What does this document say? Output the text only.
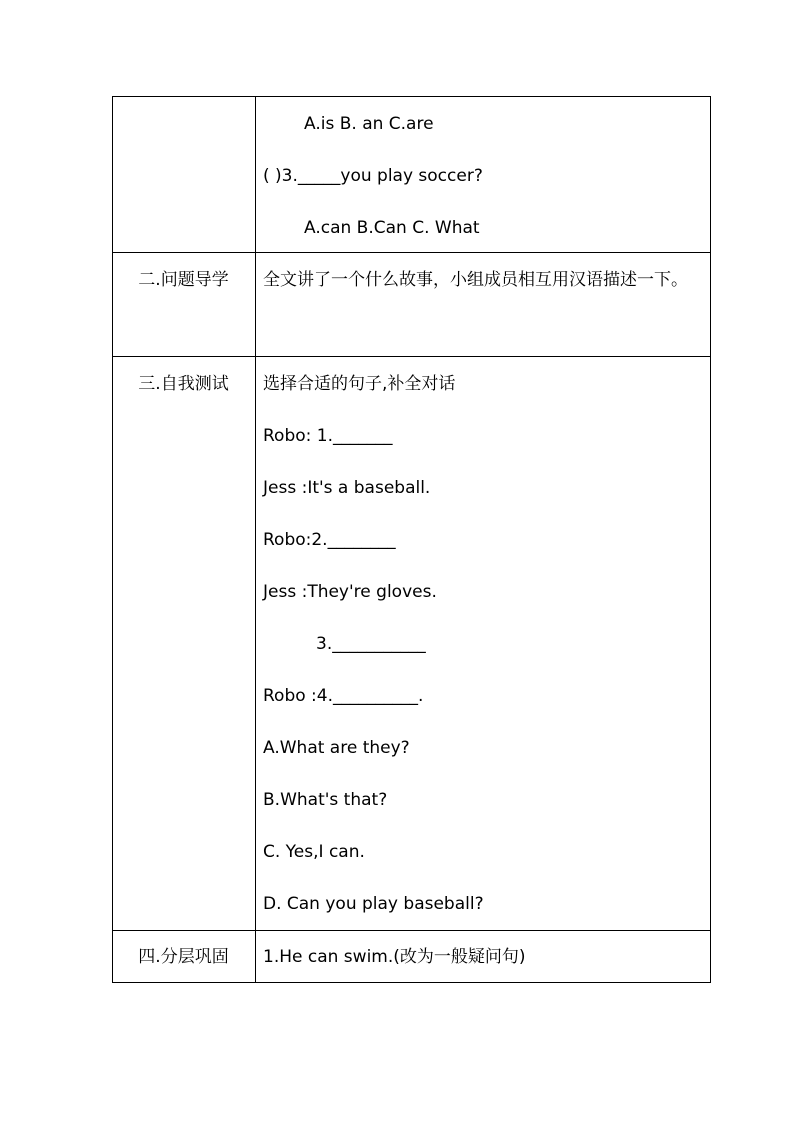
A.is B. an C.are
( )3._____you play soccer?
A.can B.Can C. What
二.问题导学	全文讲了一个什么故事，小组成员相互用汉语描述一下。
三.自我测试	选择合适的句子,补全对话
Robo: 1._______
Jess :It's a baseball.
Robo:2.________
Jess :They're gloves.
3.___________
Robo :4.__________.
A.What are they?
B.What's that?
C. Yes,I can.
D. Can you play baseball?
四.分层巩固	1.He can swim.(改为一般疑问句)
